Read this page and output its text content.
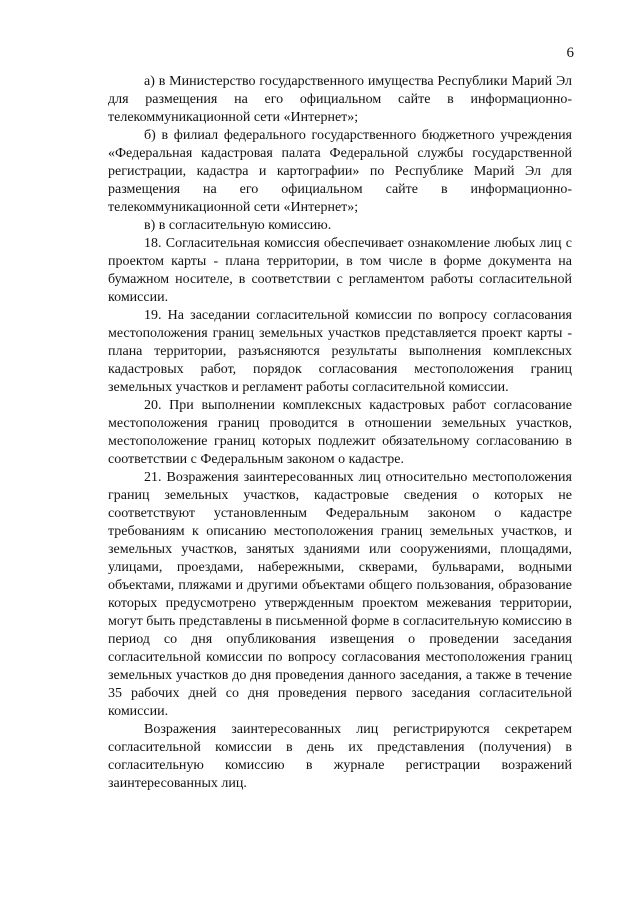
6

а) в Министерство государственного имущества Республики Марий Эл для размещения на его официальном сайте в информационно-телекоммуникационной сети «Интернет»;

б) в филиал федерального государственного бюджетного учреждения «Федеральная кадастровая палата Федеральной службы государственной регистрации, кадастра и картографии» по Республике Марий Эл для размещения на его официальном сайте в информационно-телекоммуникационной сети «Интернет»;

в) в согласительную комиссию.

18. Согласительная комиссия обеспечивает ознакомление любых лиц с проектом карты - плана территории, в том числе в форме документа на бумажном носителе, в соответствии с регламентом работы согласительной комиссии.

19. На заседании согласительной комиссии по вопросу согласования местоположения границ земельных участков представляется проект карты - плана территории, разъясняются результаты выполнения комплексных кадастровых работ, порядок согласования местоположения границ земельных участков и регламент работы согласительной комиссии.

20. При выполнении комплексных кадастровых работ согласование местоположения границ проводится в отношении земельных участков, местоположение границ которых подлежит обязательному согласованию в соответствии с Федеральным законом о кадастре.

21. Возражения заинтересованных лиц относительно местоположения границ земельных участков, кадастровые сведения о которых не соответствуют установленным Федеральным законом о кадастре требованиям к описанию местоположения границ земельных участков, и земельных участков, занятых зданиями или сооружениями, площадями, улицами, проездами, набережными, скверами, бульварами, водными объектами, пляжами и другими объектами общего пользования, образование которых предусмотрено утвержденным проектом межевания территории, могут быть представлены в письменной форме в согласительную комиссию в период со дня опубликования извещения о проведении заседания согласительной комиссии по вопросу согласования местоположения границ земельных участков до дня проведения данного заседания, а также в течение 35 рабочих дней со дня проведения первого заседания согласительной комиссии.

Возражения заинтересованных лиц регистрируются секретарем согласительной комиссии в день их представления (получения) в согласительную комиссию в журнале регистрации возражений заинтересованных лиц.
